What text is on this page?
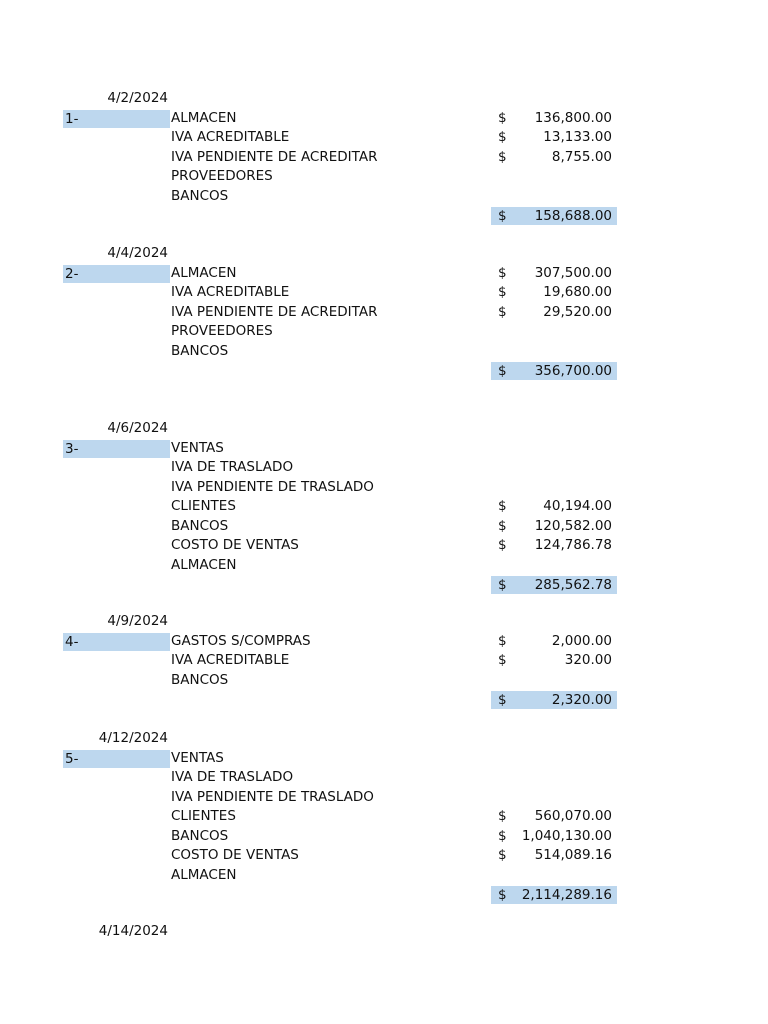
4/2/2024
1-	ALMACEN	$ 136,800.00
IVA ACREDITABLE	$	13,133.00
IVA PENDIENTE DE ACREDITAR	$	8,755.00
PROVEEDORES
BANCOS
$ 158,688.00
4/4/2024
2-	ALMACEN	$ 307,500.00
IVA ACREDITABLE	$	19,680.00
IVA PENDIENTE DE ACREDITAR	$	29,520.00
PROVEEDORES
BANCOS
$ 356,700.00
4/6/2024
3-	VENTAS
IVA DE TRASLADO
IVA PENDIENTE DE TRASLADO
CLIENTES	$	40,194.00
BANCOS	$ 120,582.00
COSTO DE VENTAS	$ 124,786.78
ALMACEN
$ 285,562.78
4/9/2024
4-	GASTOS S/COMPRAS	$	2,000.00
IVA ACREDITABLE	$	320.00
BANCOS
$	2,320.00
4/12/2024
5-	VENTAS
IVA DE TRASLADO
IVA PENDIENTE DE TRASLADO
CLIENTES	$ 560,070.00
BANCOS	$ 1,040,130.00
COSTO DE VENTAS	$ 514,089.16
ALMACEN
$ 2,114,289.16
4/14/2024
